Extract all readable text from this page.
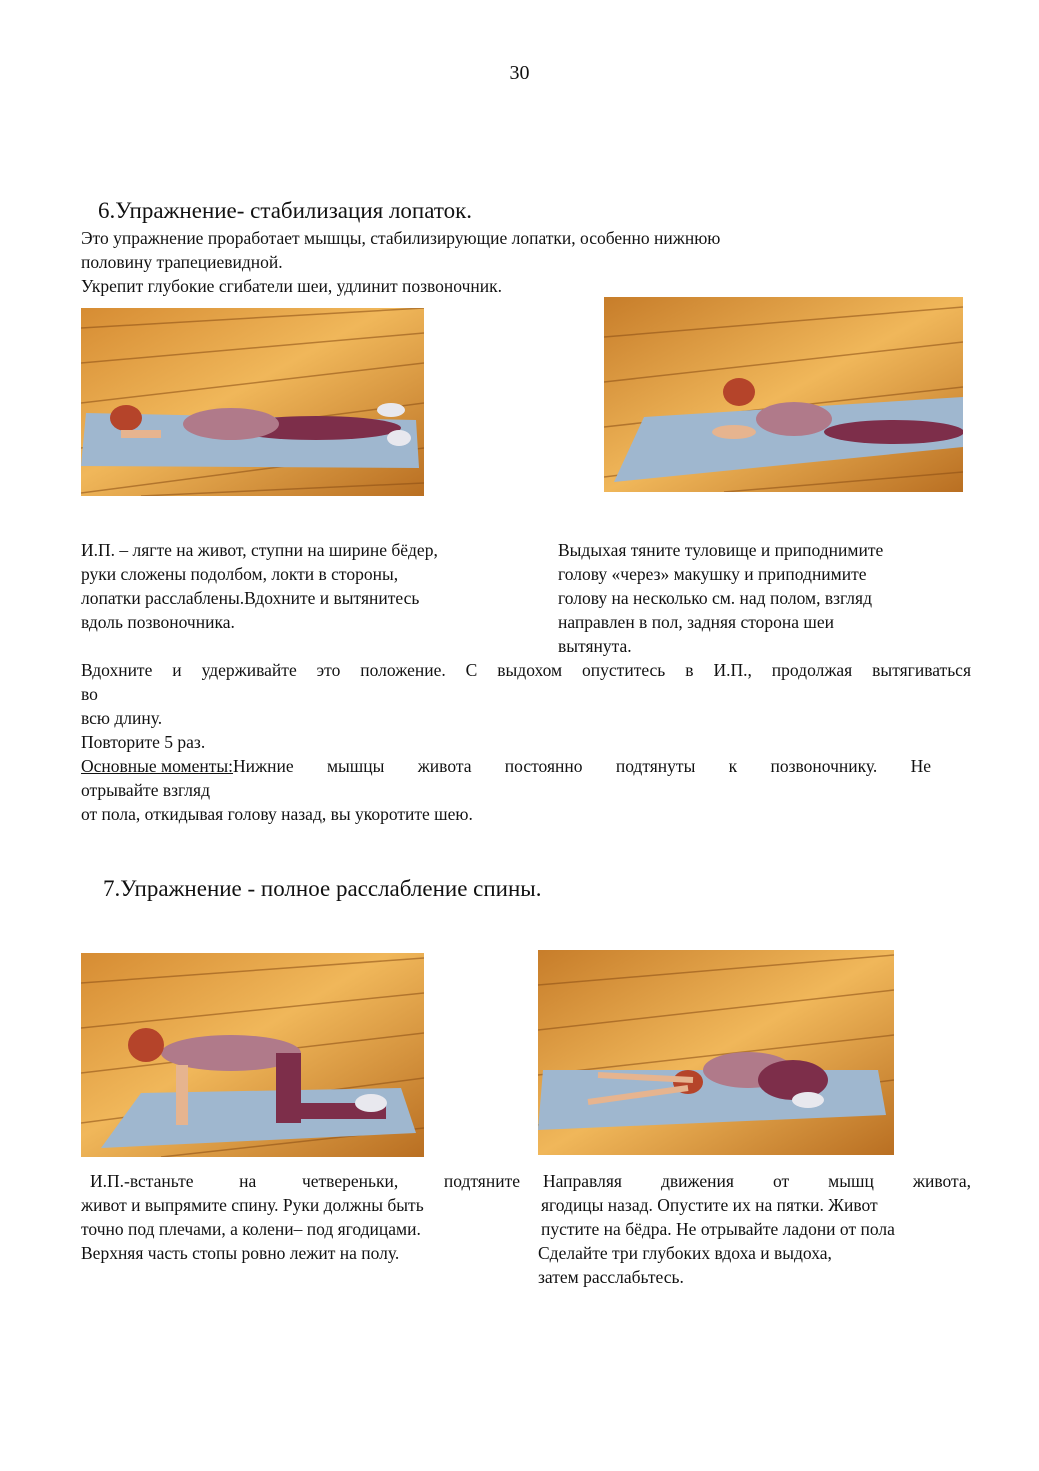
30
6.Упражнение- стабилизация лопаток.
Это упражнение проработает мышцы, стабилизирующие лопатки, особенно нижнюю
половину трапециевидной.
Укрепит глубокие сгибатели шеи, удлинит позвоночник.
И.П. – лягте на живот, ступни на ширине бёдер,
руки сложены подолбом, локти в стороны,
лопатки расслаблены.Вдохните и вытянитесь
вдоль позвоночника.
Выдыхая тяните туловище и приподнимите
голову «через» макушку и приподнимите
голову на несколько см. над полом, взгляд
направлен в пол, задняя сторона шеи
вытянута.
Вдохните и удерживайте это положение. С выдохом опуститесь в И.П., продолжая вытягиваться
во
всю длину.
Повторите 5 раз.
Основные моменты: Нижние мышцы живота постоянно подтянуты к позвоночнику. Не
отрывайте взгляд
от пола, откидывая голову назад, вы укоротите шею.
7.Упражнение - полное расслабление спины.
И.П.-встаньте на четвереньки, подтяните
живот и выпрямите спину. Руки должны быть
точно под плечами, а колени– под ягодицами.
Верхняя часть стопы ровно лежит на полу.
Направляя движения от мышц живота,
ягодицы назад. Опустите их на пятки. Живот
пустите на бёдра. Не отрывайте ладони от пола
Сделайте три глубоких вдоха и выдоха,
затем расслабьтесь.
